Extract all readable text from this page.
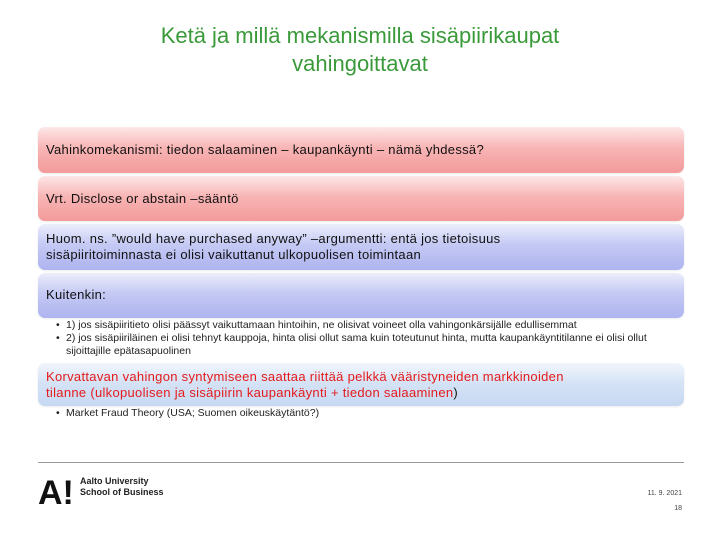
Ketä ja millä mekanismilla sisäpiirikaupat
vahingoittavat
Vahinkomekanismi: tiedon salaaminen – kaupankäynti – nämä yhdessä?
Vrt. Disclose or abstain –sääntö
Huom. ns. ”would have purchased anyway” –argumentti: entä jos tietoisuus
sisäpiiritoiminnasta ei olisi vaikuttanut ulkopuolisen toimintaan
Kuitenkin:
• 1) jos sisäpiiritieto olisi päässyt vaikuttamaan hintoihin, ne olisivat voineet olla vahingonkärsijälle edullisemmat
• 2) jos sisäpiiriläinen ei olisi tehnyt kauppoja, hinta olisi ollut sama kuin toteutunut hinta, mutta kaupankäyntitilanne ei olisi ollut sijoittajille epätasapuolinen
Korvattavan vahingon syntymiseen saattaa riittää pelkkä vääristyneiden markkinoiden
tilanne (ulkopuolisen ja sisäpiirin kaupankäynti + tiedon salaaminen)
• Market Fraud Theory (USA; Suomen oikeuskäytäntö?)
A! Aalto University
School of Business	11. 9. 2021
18
